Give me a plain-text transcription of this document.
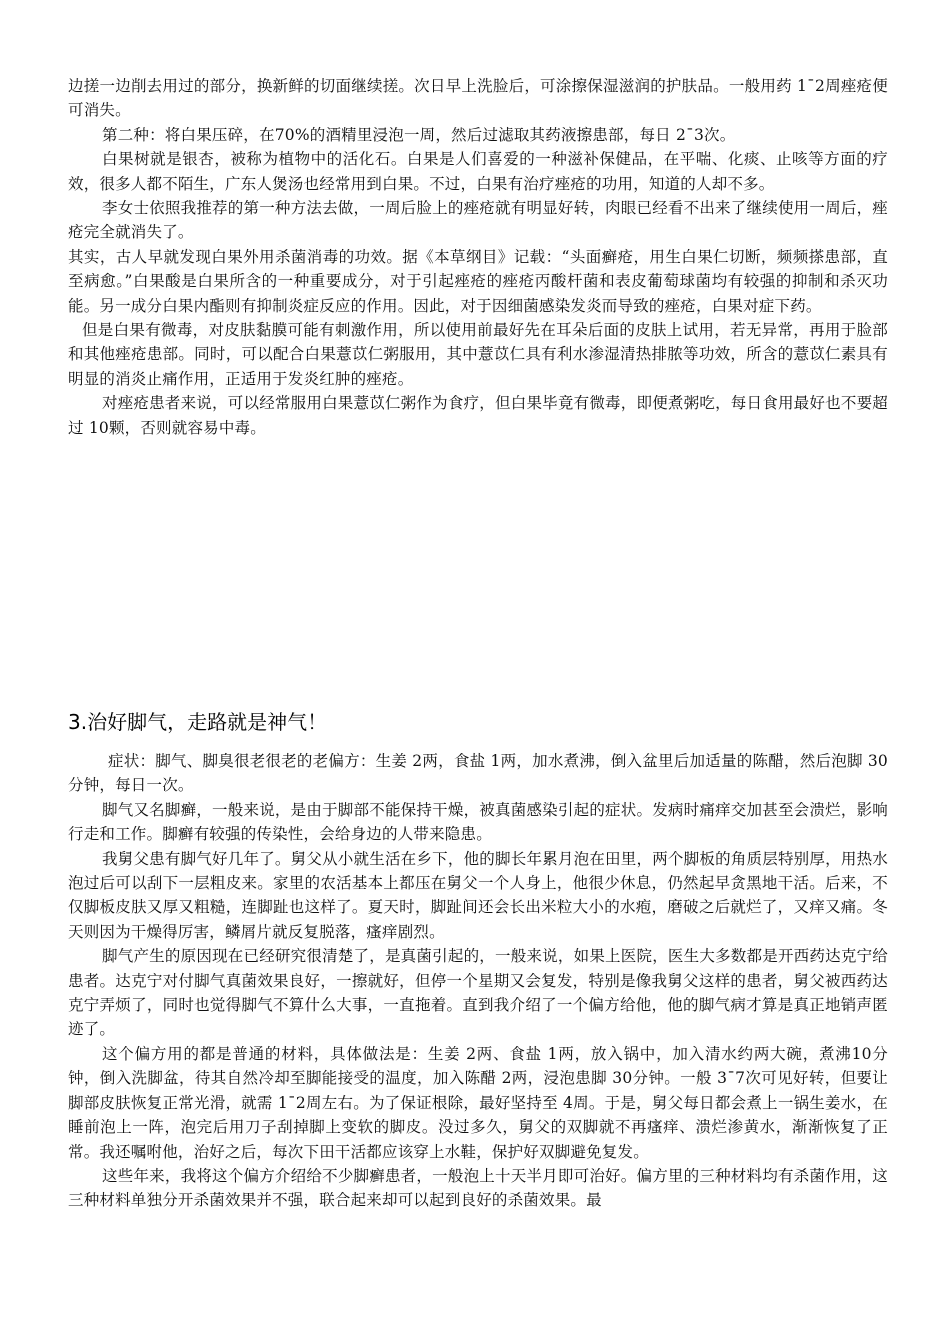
边搓一边削去用过的部分，换新鲜的切面继续搓。次日早上洗脸后，可涂擦保湿滋润的护肤品。一般用药 1¯2周痤疮便可消失。

第二种：将白果压碎，在70%的酒精里浸泡一周，然后过滤取其药液擦患部，每日 2¯3次。

白果树就是银杏，被称为植物中的活化石。白果是人们喜爱的一种滋补保健品，在平喘、化痰、止咳等方面的疗效，很多人都不陌生，广东人煲汤也经常用到白果。不过，白果有治疗痤疮的功用，知道的人却不多。

李女士依照我推荐的第一种方法去做，一周后脸上的痤疮就有明显好转，肉眼已经看不出来了继续使用一周后，痤疮完全就消失了。

其实，古人早就发现白果外用杀菌消毒的功效。据《本草纲目》记载：“头面癣疮，用生白果仁切断，频频搽患部，直至病愈。”白果酸是白果所含的一种重要成分，对于引起痤疮的痤疮丙酸杆菌和表皮葡萄球菌均有较强的抑制和杀灭功能。另一成分白果内酯则有抑制炎症反应的作用。因此，对于因细菌感染发炎而导致的痤疮，白果对症下药。

但是白果有微毒，对皮肤黏膜可能有刺激作用，所以使用前最好先在耳朵后面的皮肤上试用，若无异常，再用于脸部和其他痤疮患部。同时，可以配合白果薏苡仁粥服用，其中薏苡仁具有利水渗湿清热排脓等功效，所含的薏苡仁素具有明显的消炎止痛作用，正适用于发炎红肿的痤疮。

对痤疮患者来说，可以经常服用白果薏苡仁粥作为食疗，但白果毕竟有微毒，即便煮粥吃，每日食用最好也不要超过 10颗，否则就容易中毒。

3.治好脚气，走路就是神气！

症状：脚气、脚臭很老很老的老偏方：生姜 2两，食盐 1两，加水煮沸，倒入盆里后加适量的陈醋，然后泡脚 30分钟，每日一次。

脚气又名脚癣，一般来说，是由于脚部不能保持干燥，被真菌感染引起的症状。发病时痛痒交加甚至会溃烂，影响行走和工作。脚癣有较强的传染性，会给身边的人带来隐患。

我舅父患有脚气好几年了。舅父从小就生活在乡下，他的脚长年累月泡在田里，两个脚板的角质层特别厚，用热水泡过后可以刮下一层粗皮来。家里的农活基本上都压在舅父一个人身上，他很少休息，仍然起早贪黑地干活。后来，不仅脚板皮肤又厚又粗糙，连脚趾也这样了。夏天时，脚趾间还会长出米粒大小的水疱，磨破之后就烂了，又痒又痛。冬天则因为干燥得厉害，鳞屑片就反复脱落，瘙痒剧烈。

脚气产生的原因现在已经研究很清楚了，是真菌引起的，一般来说，如果上医院，医生大多数都是开西药达克宁给患者。达克宁对付脚气真菌效果良好，一擦就好，但停一个星期又会复发，特别是像我舅父这样的患者，舅父被西药达克宁弄烦了，同时也觉得脚气不算什么大事，一直拖着。直到我介绍了一个偏方给他，他的脚气病才算是真正地销声匿迹了。

这个偏方用的都是普通的材料，具体做法是：生姜 2两、食盐 1两，放入锅中，加入清水约两大碗，煮沸10分钟，倒入洗脚盆，待其自然冷却至脚能接受的温度，加入陈醋 2两，浸泡患脚 30分钟。一般 3¯7次可见好转，但要让脚部皮肤恢复正常光滑，就需 1¯2周左右。为了保证根除，最好坚持至 4周。于是，舅父每日都会煮上一锅生姜水，在睡前泡上一阵，泡完后用刀子刮掉脚上变软的脚皮。没过多久，舅父的双脚就不再瘙痒、溃烂渗黄水，渐渐恢复了正常。我还嘱咐他，治好之后，每次下田干活都应该穿上水鞋，保护好双脚避免复发。

这些年来，我将这个偏方介绍给不少脚癣患者，一般泡上十天半月即可治好。偏方里的三种材料均有杀菌作用，这三种材料单独分开杀菌效果并不强，联合起来却可以起到良好的杀菌效果。最
